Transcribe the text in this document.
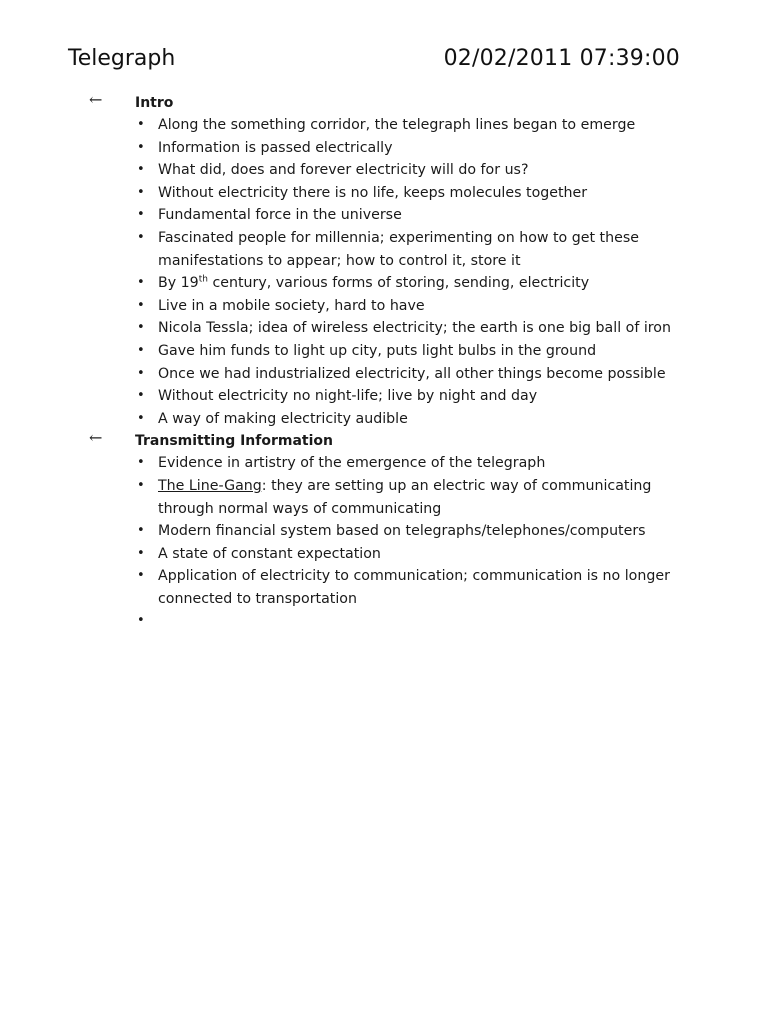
Telegraph	02/02/2011 07:39:00
← Intro
• Along the something corridor, the telegraph lines began to emerge
• Information is passed electrically
• What did, does and forever electricity will do for us?
• Without electricity there is no life, keeps molecules together
• Fundamental force in the universe
• Fascinated people for millennia; experimenting on how to get these manifestations to appear; how to control it, store it
• By 19th century, various forms of storing, sending, electricity
• Live in a mobile society, hard to have
• Nicola Tessla; idea of wireless electricity; the earth is one big ball of iron
• Gave him funds to light up city, puts light bulbs in the ground
• Once we had industrialized electricity, all other things become possible
• Without electricity no night-life; live by night and day
• A way of making electricity audible
← Transmitting Information
• Evidence in artistry of the emergence of the telegraph
• The Line-Gang: they are setting up an electric way of communicating through normal ways of communicating
• Modern financial system based on telegraphs/telephones/computers
• A state of constant expectation
• Application of electricity to communication; communication is no longer connected to transportation
•
